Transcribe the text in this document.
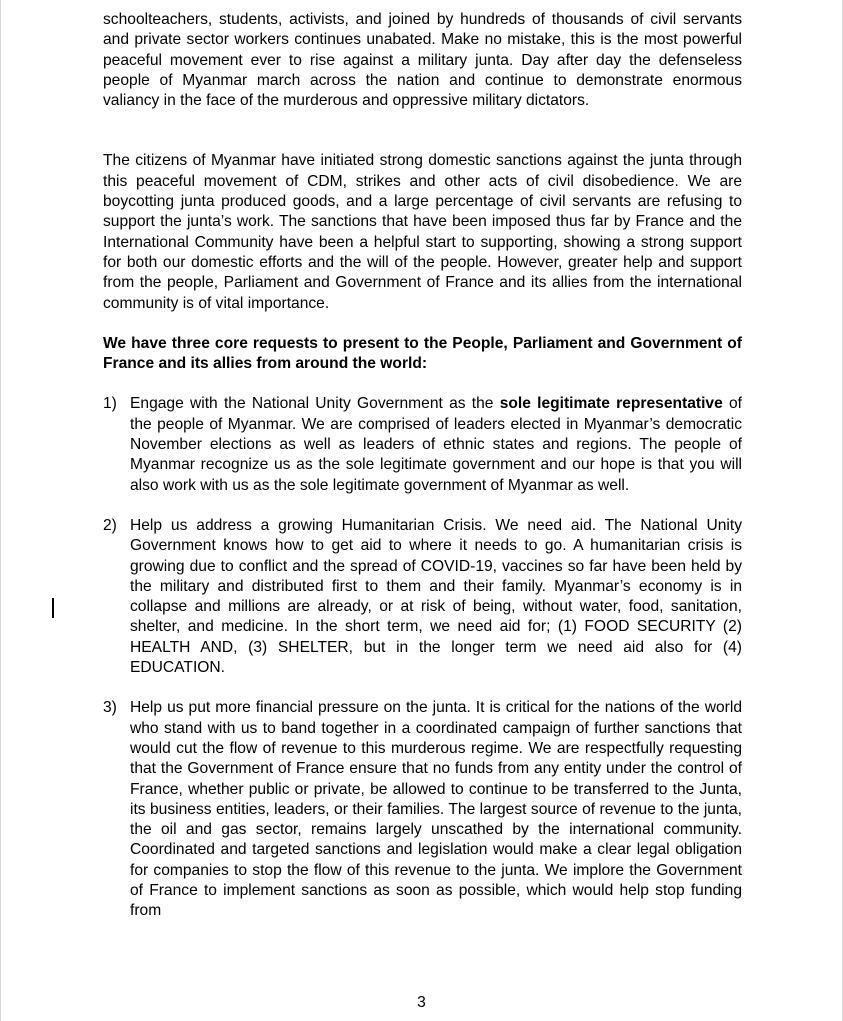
schoolteachers, students, activists, and joined by hundreds of thousands of civil servants and private sector workers continues unabated. Make no mistake, this is the most powerful peaceful movement ever to rise against a military junta. Day after day the defenseless people of Myanmar march across the nation and continue to demonstrate enormous valiancy in the face of the murderous and oppressive military dictators.

The citizens of Myanmar have initiated strong domestic sanctions against the junta through this peaceful movement of CDM, strikes and other acts of civil disobedience. We are boycotting junta produced goods, and a large percentage of civil servants are refusing to support the junta’s work. The sanctions that have been imposed thus far by France and the International Community have been a helpful start to supporting, showing a strong support for both our domestic efforts and the will of the people. However, greater help and support from the people, Parliament and Government of France and its allies from the international community is of vital importance.

We have three core requests to present to the People, Parliament and Government of France and its allies from around the world:

1) Engage with the National Unity Government as the sole legitimate representative of the people of Myanmar. We are comprised of leaders elected in Myanmar’s democratic November elections as well as leaders of ethnic states and regions. The people of Myanmar recognize us as the sole legitimate government and our hope is that you will also work with us as the sole legitimate government of Myanmar as well.
2) Help us address a growing Humanitarian Crisis. We need aid. The National Unity Government knows how to get aid to where it needs to go. A humanitarian crisis is growing due to conflict and the spread of COVID-19, vaccines so far have been held by the military and distributed first to them and their family. Myanmar’s economy is in collapse and millions are already, or at risk of being, without water, food, sanitation, shelter, and medicine. In the short term, we need aid for; (1) FOOD SECURITY (2) HEALTH AND, (3) SHELTER, but in the longer term we need aid also for (4) EDUCATION.
3) Help us put more financial pressure on the junta. It is critical for the nations of the world who stand with us to band together in a coordinated campaign of further sanctions that would cut the flow of revenue to this murderous regime. We are respectfully requesting that the Government of France ensure that no funds from any entity under the control of France, whether public or private, be allowed to continue to be transferred to the Junta, its business entities, leaders, or their families. The largest source of revenue to the junta, the oil and gas sector, remains largely unscathed by the international community. Coordinated and targeted sanctions and legislation would make a clear legal obligation for companies to stop the flow of this revenue to the junta. We implore the Government of France to implement sanctions as soon as possible, which would help stop funding from
3
